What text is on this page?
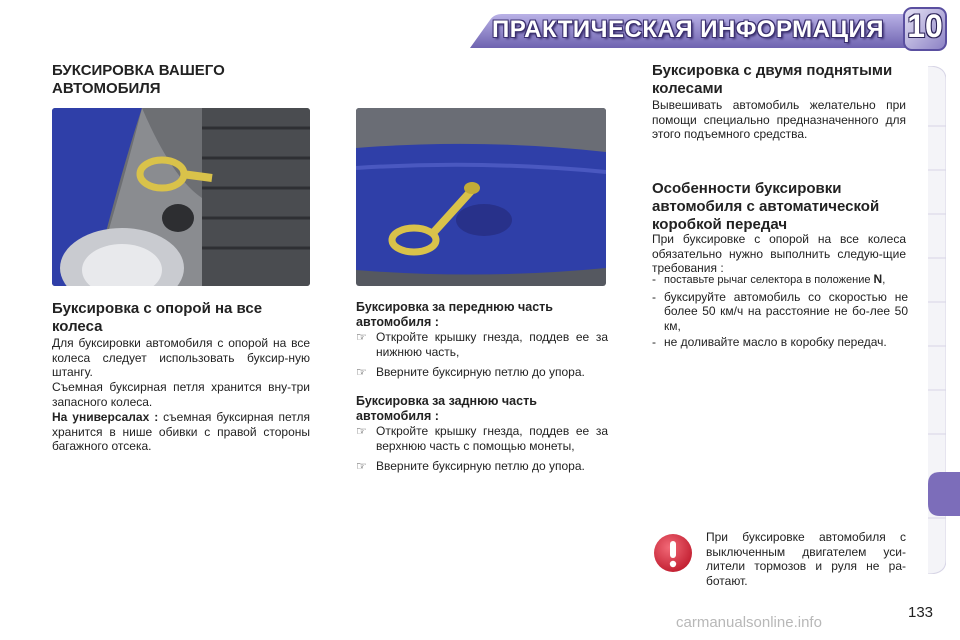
ПРАКТИЧЕСКАЯ ИНФОРМАЦИЯ 10
БУКСИРОВКА ВАШЕГО
АВТОМОБИЛЯ
Буксировка с опорой на все
колеса

Для буксировки автомобиля с опорой на все колеса следует использовать буксир-ную штангу.

Съемная буксирная петля хранится вну-три запасного колеса.

На универсалах : съемная буксирная петля хранится в нише обивки с правой стороны багажного отсека.

Буксировка за переднюю часть
автомобиля :
☞ Откройте крышку гнезда, поддев ее за нижнюю часть,
☞ Вверните буксирную петлю до упора.
Буксировка за заднюю часть
автомобиля :
☞ Откройте крышку гнезда, поддев ее за верхнюю часть с помощью монеты,
☞ Вверните буксирную петлю до упора.
Буксировка с двумя поднятыми
колесами

Вывешивать автомобиль желательно при помощи специально предназначенного для этого подъемного средства.

Особенности буксировки
автомобиля с автоматической
коробкой передач

При буксировке с опорой на все колеса обязательно нужно выполнить следую-щие требования :

- поставьте рычаг селектора в положение N,
- буксируйте автомобиль со скоростью не более 50 км/ч на расстояние не бо-лее 50 км,
- не доливайте масло в коробку передач.

При буксировке автомобиля с выключенным двигателем уси-лители тормозов и руля не ра-ботают.

carmanualsonline.info
133
